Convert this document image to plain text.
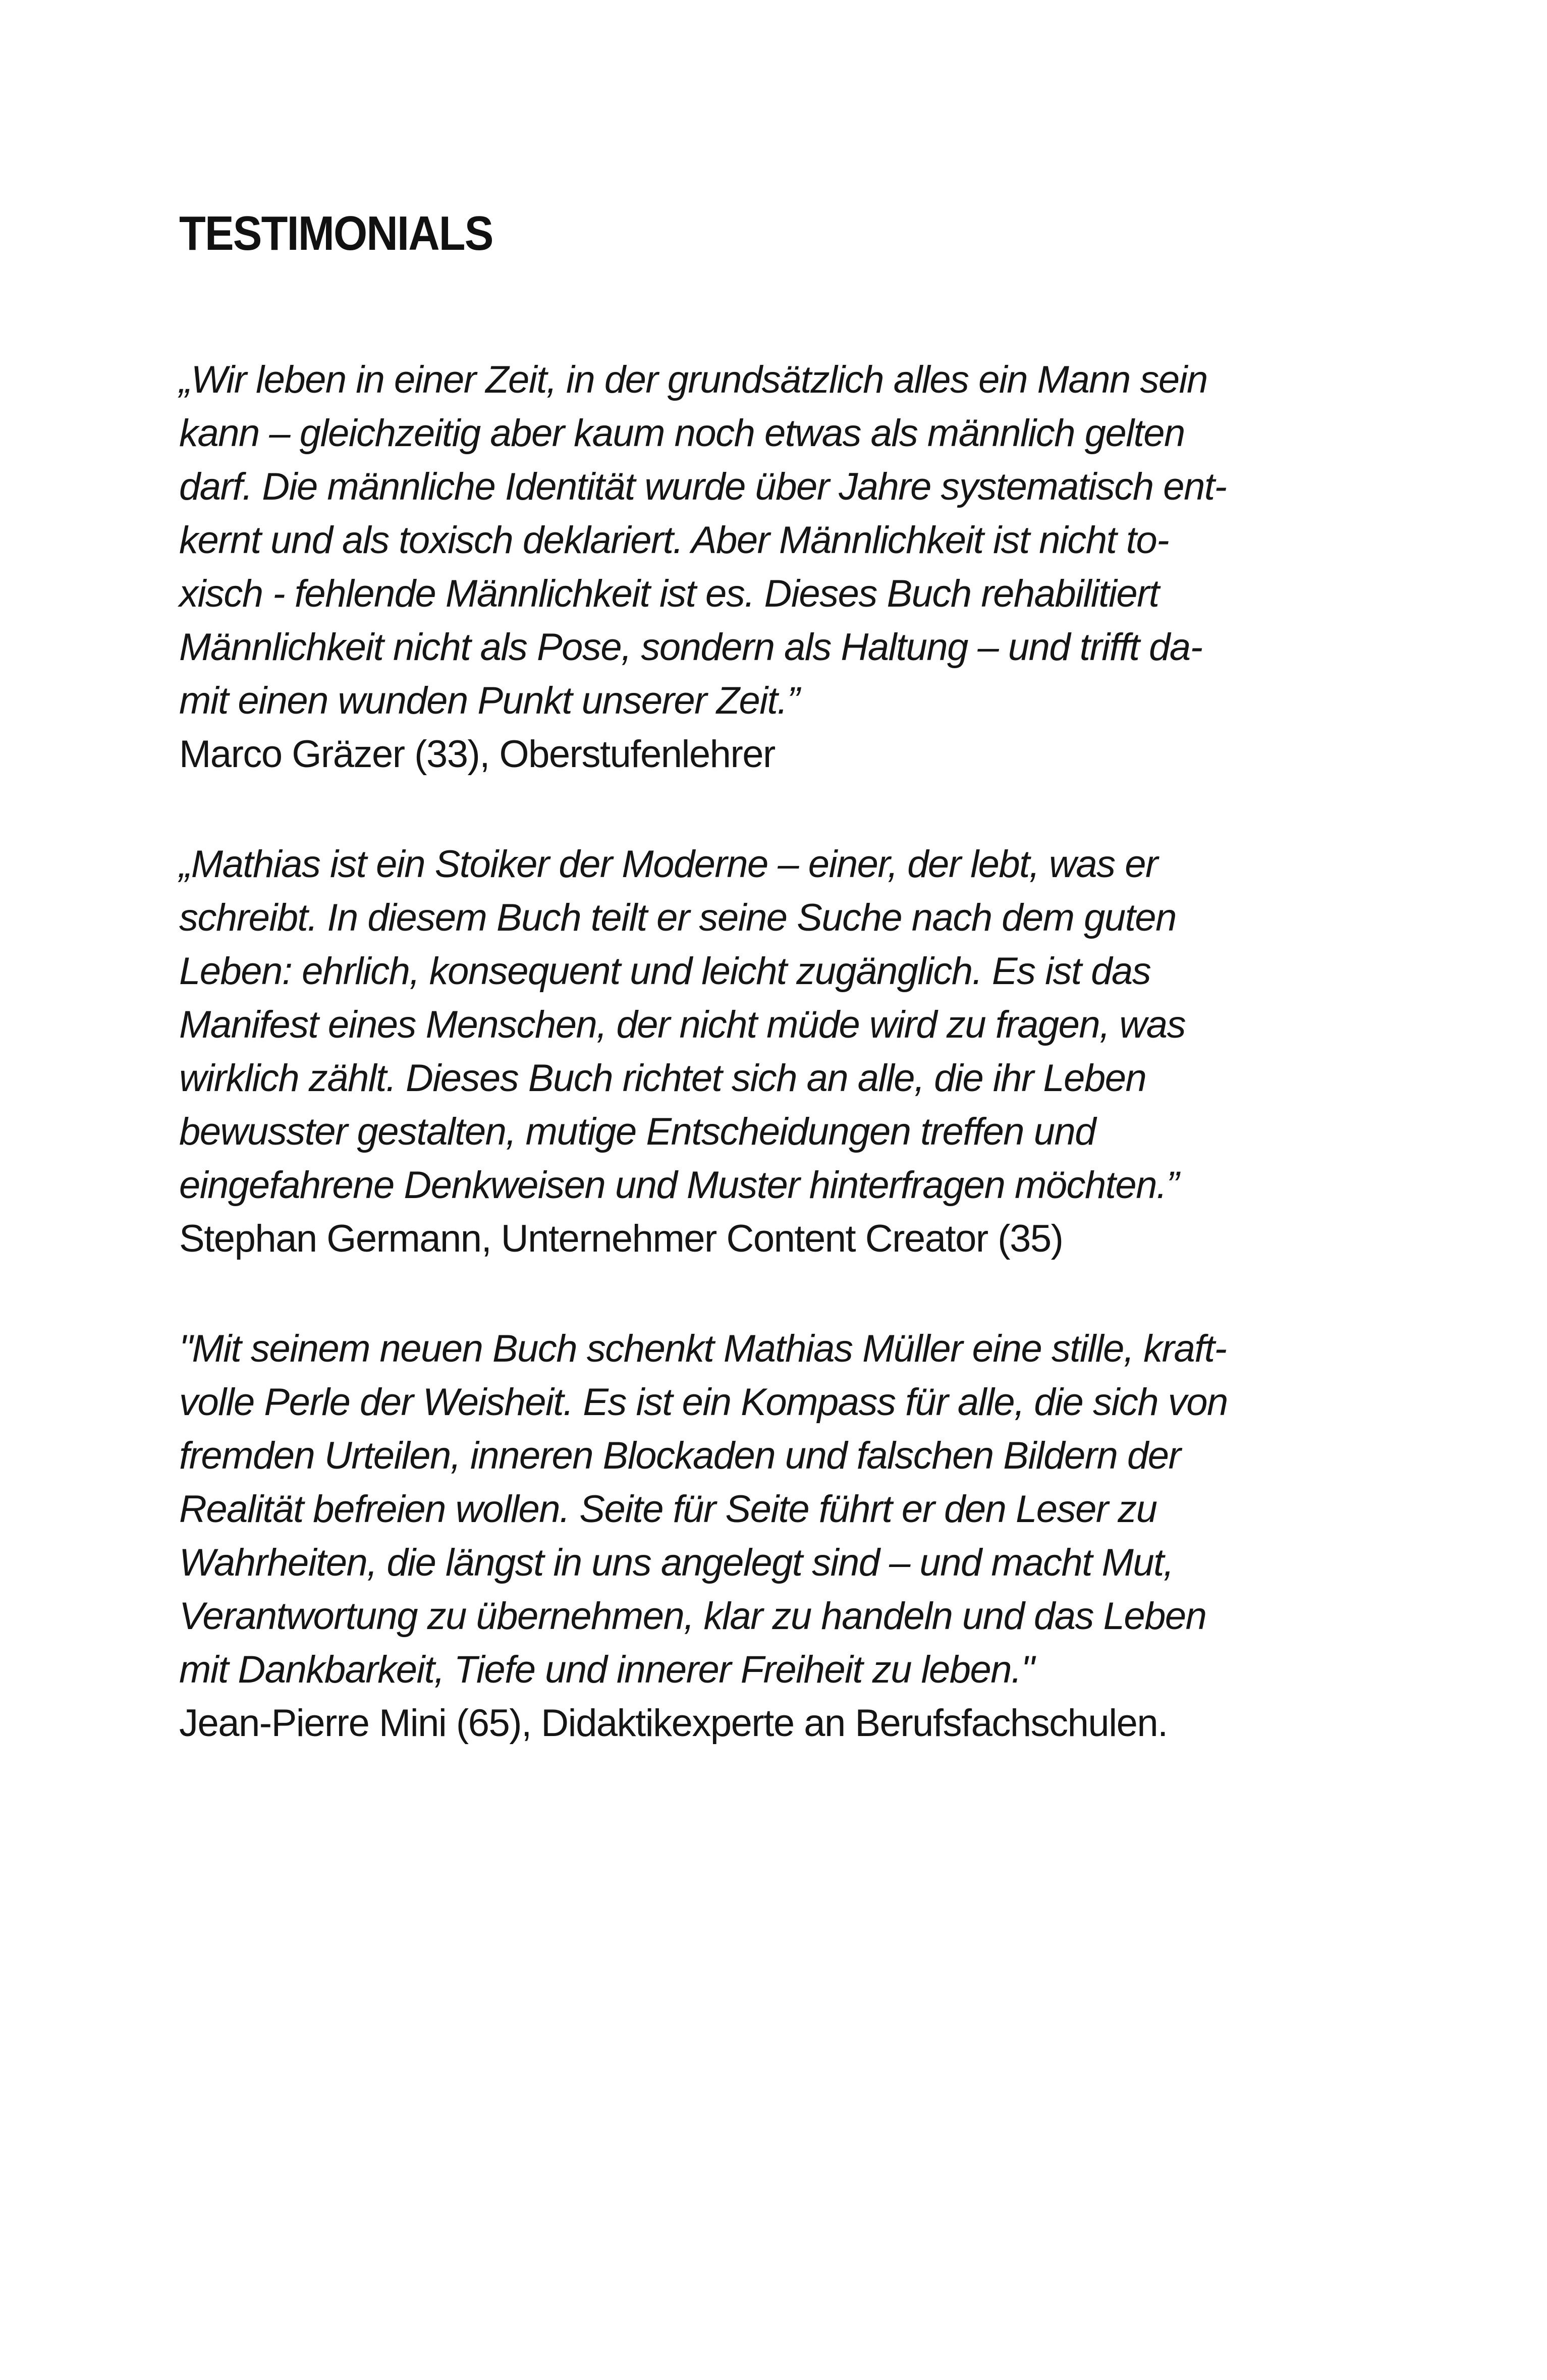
TESTIMONIALS

„Wir leben in einer Zeit, in der grundsätzlich alles ein Mann sein
kann – gleichzeitig aber kaum noch etwas als männlich gelten
darf. Die männliche Identität wurde über Jahre systematisch ent-
kernt und als toxisch deklariert. Aber Männlichkeit ist nicht to-
xisch - fehlende Männlichkeit ist es. Dieses Buch rehabilitiert
Männlichkeit nicht als Pose, sondern als Haltung – und trifft da-
mit einen wunden Punkt unserer Zeit.”

Marco Gräzer (33), Oberstufenlehrer

„Mathias ist ein Stoiker der Moderne – einer, der lebt, was er
schreibt. In diesem Buch teilt er seine Suche nach dem guten
Leben: ehrlich, konsequent und leicht zugänglich. Es ist das
Manifest eines Menschen, der nicht müde wird zu fragen, was
wirklich zählt. Dieses Buch richtet sich an alle, die ihr Leben
bewusster gestalten, mutige Entscheidungen treffen und
eingefahrene Denkweisen und Muster hinterfragen möchten.”

Stephan Germann, Unternehmer Content Creator (35)

"Mit seinem neuen Buch schenkt Mathias Müller eine stille, kraft-
volle Perle der Weisheit. Es ist ein Kompass für alle, die sich von
fremden Urteilen, inneren Blockaden und falschen Bildern der
Realität befreien wollen. Seite für Seite führt er den Leser zu
Wahrheiten, die längst in uns angelegt sind – und macht Mut,
Verantwortung zu übernehmen, klar zu handeln und das Leben
mit Dankbarkeit, Tiefe und innerer Freiheit zu leben."

Jean-Pierre Mini (65), Didaktikexperte an Berufsfachschulen.
